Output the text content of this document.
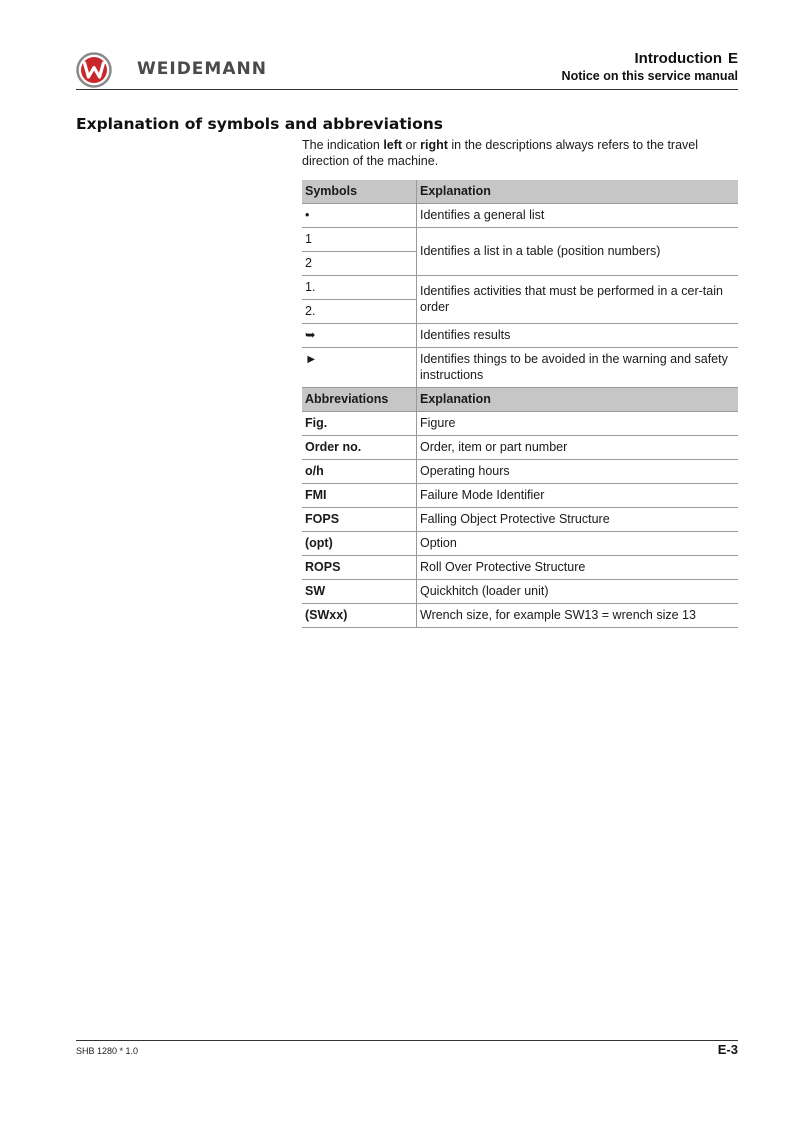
WEIDEMANN
Introduction E
Notice on this service manual
Explanation of symbols and abbreviations
The indication left or right in the descriptions always refers to the travel direction of the machine.
Symbols	Explanation
•	Identifies a general list
1	Identifies a list in a table (position numbers)
2	
1.	Identifies activities that must be performed in a cer-tain order
2.	
➥	Identifies results
►	Identifies things to be avoided in the warning and safety instructions
Abbreviations	Explanation
Fig.	Figure
Order no.	Order, item or part number
o/h	Operating hours
FMI	Failure Mode Identifier
FOPS	Falling Object Protective Structure
(opt)	Option
ROPS	Roll Over Protective Structure
SW	Quickhitch (loader unit)
(SWxx)	Wrench size, for example SW13 = wrench size 13
SHB 1280 * 1.0	E-3
